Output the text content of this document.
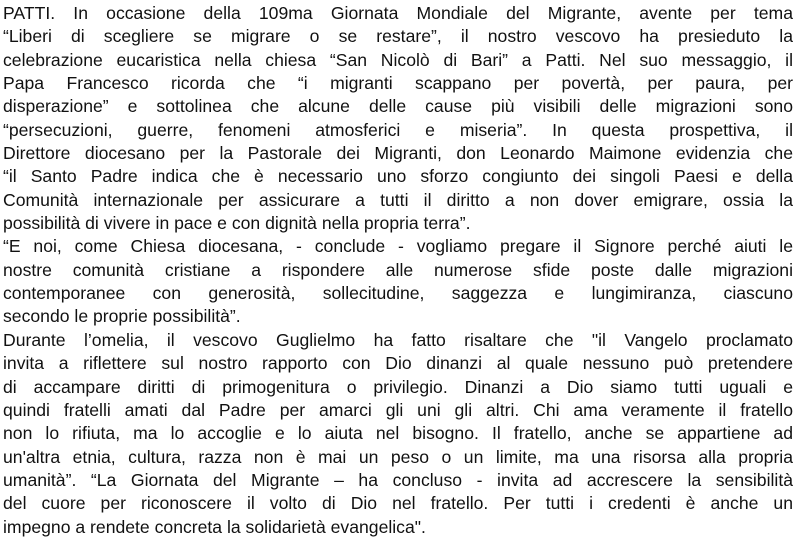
PATTI. In occasione della 109ma Giornata Mondiale del Migrante, avente per tema
“Liberi di scegliere se migrare o se restare”, il nostro vescovo ha presieduto la
celebrazione eucaristica nella chiesa “San Nicolò di Bari” a Patti. Nel suo messaggio, il
Papa Francesco ricorda che “i migranti scappano per povertà, per paura, per
disperazione” e sottolinea che alcune delle cause più visibili delle migrazioni sono
“persecuzioni, guerre, fenomeni atmosferici e miseria”. In questa prospettiva, il
Direttore diocesano per la Pastorale dei Migranti, don Leonardo Maimone evidenzia che
“il Santo Padre indica che è necessario uno sforzo congiunto dei singoli Paesi e della
Comunità internazionale per assicurare a tutti il diritto a non dover emigrare, ossia la
possibilità di vivere in pace e con dignità nella propria terra”.

“E noi, come Chiesa diocesana, - conclude - vogliamo pregare il Signore perché aiuti le
nostre comunità cristiane a rispondere alle numerose sfide poste dalle migrazioni
contemporanee con generosità, sollecitudine, saggezza e lungimiranza, ciascuno
secondo le proprie possibilità”.

Durante l’omelia, il vescovo Guglielmo ha fatto risaltare che "il Vangelo proclamato
invita a riflettere sul nostro rapporto con Dio dinanzi al quale nessuno può pretendere
di accampare diritti di primogenitura o privilegio. Dinanzi a Dio siamo tutti uguali e
quindi fratelli amati dal Padre per amarci gli uni gli altri. Chi ama veramente il fratello
non lo rifiuta, ma lo accoglie e lo aiuta nel bisogno. Il fratello, anche se appartiene ad
un'altra etnia, cultura, razza non è mai un peso o un limite, ma una risorsa alla propria
umanità”. “La Giornata del Migrante – ha concluso - invita ad accrescere la sensibilità
del cuore per riconoscere il volto di Dio nel fratello. Per tutti i credenti è anche un
impegno a rendete concreta la solidarietà evangelica".
